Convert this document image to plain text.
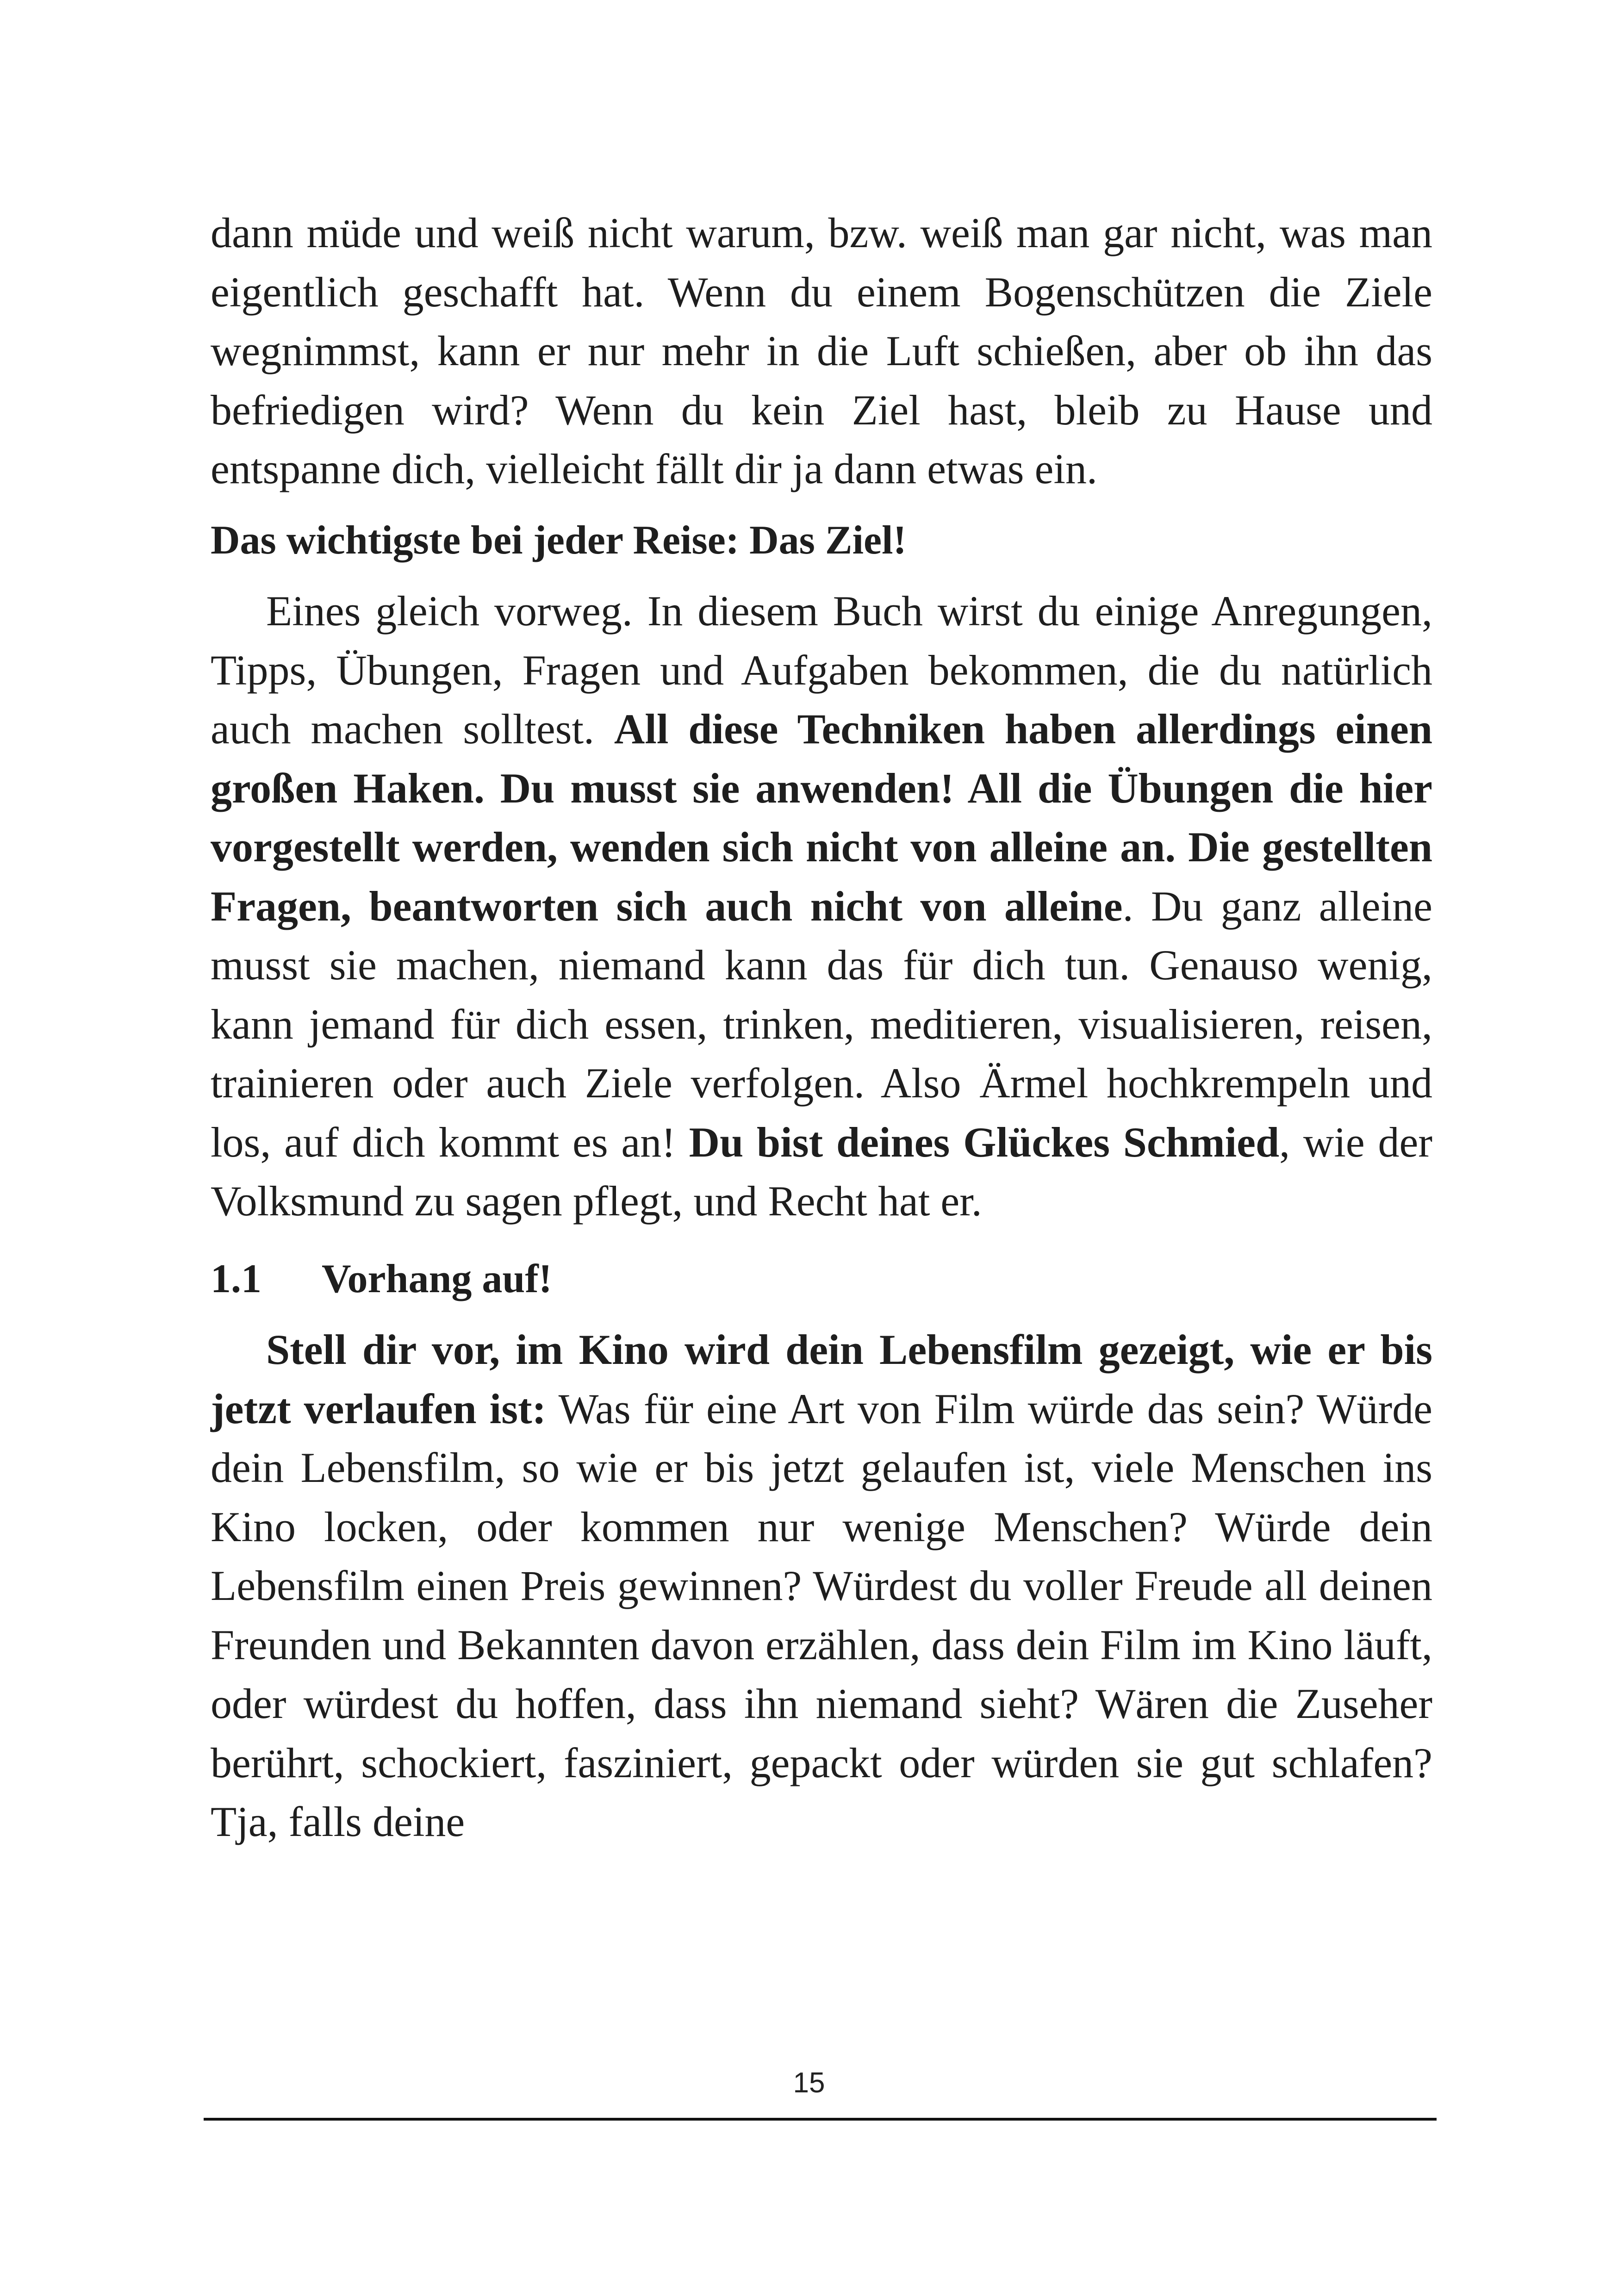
dann müde und weiß nicht warum, bzw. weiß man gar nicht, was man eigentlich geschafft hat. Wenn du einem Bogenschützen die Ziele wegnimmst, kann er nur mehr in die Luft schießen, aber ob ihn das befriedigen wird? Wenn du kein Ziel hast, bleib zu Hause und entspanne dich, vielleicht fällt dir ja dann etwas ein.

Das wichtigste bei jeder Reise: Das Ziel!

Eines gleich vorweg. In diesem Buch wirst du einige Anregungen, Tipps, Übungen, Fragen und Aufgaben bekommen, die du natürlich auch machen solltest. All diese Techniken haben allerdings einen großen Haken. Du musst sie anwenden! All die Übungen die hier vorgestellt werden, wenden sich nicht von alleine an. Die gestellten Fragen, beantworten sich auch nicht von alleine. Du ganz alleine musst sie machen, niemand kann das für dich tun. Genauso wenig, kann jemand für dich essen, trinken, meditieren, visualisieren, reisen, trainieren oder auch Ziele verfolgen. Also Ärmel hochkrempeln und los, auf dich kommt es an! Du bist deines Glückes Schmied, wie der Volksmund zu sagen pflegt, und Recht hat er.

1.1	Vorhang auf!

Stell dir vor, im Kino wird dein Lebensfilm gezeigt, wie er bis jetzt verlaufen ist: Was für eine Art von Film würde das sein? Würde dein Lebensfilm, so wie er bis jetzt gelaufen ist, viele Menschen ins Kino locken, oder kommen nur wenige Menschen? Würde dein Lebensfilm einen Preis gewinnen? Würdest du voller Freude all deinen Freunden und Bekannten davon erzählen, dass dein Film im Kino läuft, oder würdest du hoffen, dass ihn niemand sieht? Wären die Zuseher berührt, schockiert, fasziniert, gepackt oder würden sie gut schlafen? Tja, falls deine

15
